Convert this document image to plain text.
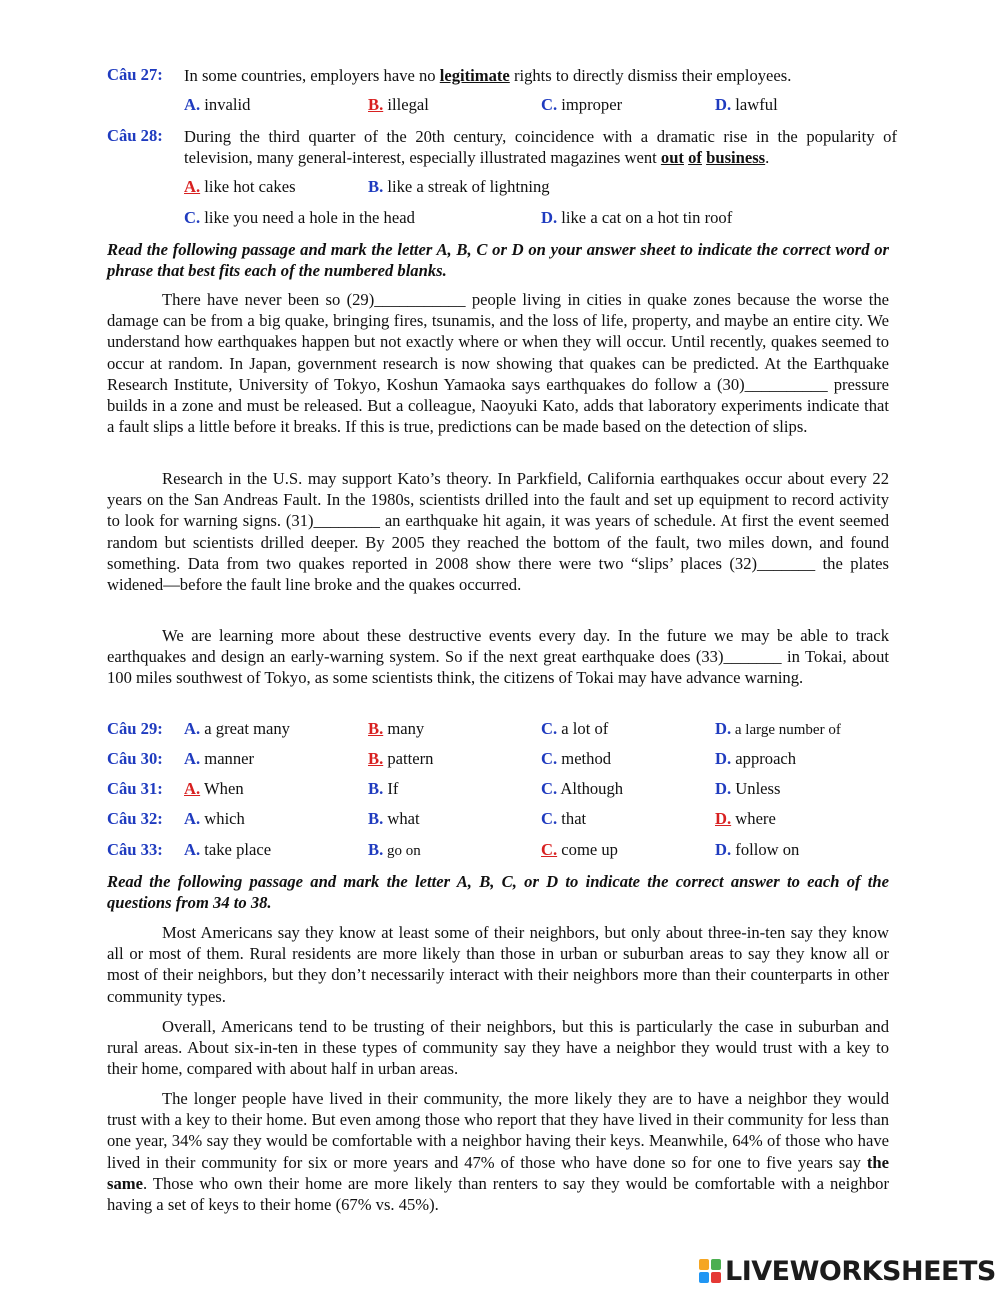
Câu 27: In some countries, employers have no legitimate rights to directly dismiss their employees.
A. invalid	B. illegal	C. improper	D. lawful
Câu 28: During the third quarter of the 20th century, coincidence with a dramatic rise in the popularity of television, many general-interest, especially illustrated magazines went out of business.
A. like hot cakes	B. like a streak of lightning
C. like you need a hole in the head	D. like a cat on a hot tin roof
Read the following passage and mark the letter A, B, C or D on your answer sheet to indicate the correct word or phrase that best fits each of the numbered blanks.

There have never been so (29)___________ people living in cities in quake zones because the worse the damage can be from a big quake, bringing fires, tsunamis, and the loss of life, property, and maybe an entire city. We understand how earthquakes happen but not exactly where or when they will occur. Until recently, quakes seemed to occur at random. In Japan, government research is now showing that quakes can be predicted. At the Earthquake Research Institute, University of Tokyo, Koshun Yamaoka says earthquakes do follow a (30)__________ pressure builds in a zone and must be released. But a colleague, Naoyuki Kato, adds that laboratory experiments indicate that a fault slips a little before it breaks. If this is true, predictions can be made based on the detection of slips.

Research in the U.S. may support Kato’s theory. In Parkfield, California earthquakes occur about every 22 years on the San Andreas Fault. In the 1980s, scientists drilled into the fault and set up equipment to record activity to look for warning signs. (31)________ an earthquake hit again, it was years of schedule. At first the event seemed random but scientists drilled deeper. By 2005 they reached the bottom of the fault, two miles down, and found something. Data from two quakes reported in 2008 show there were two “slips’ places (32)_______ the plates widened—before the fault line broke and the quakes occurred.

We are learning more about these destructive events every day. In the future we may be able to track earthquakes and design an early-warning system. So if the next great earthquake does (33)_______ in Tokai, about 100 miles southwest of Tokyo, as some scientists think, the citizens of Tokai may have advance warning.

Câu 29: A. a great many	B. many	C. a lot of	D. a large number of
Câu 30: A. manner	B. pattern	C. method	D. approach
Câu 31: A. When	B. If	C. Although	D. Unless
Câu 32: A. which	B. what	C. that	D. where
Câu 33: A. take place	B. go on	C. come up	D. follow on
Read the following passage and mark the letter A, B, C, or D to indicate the correct answer to each of the questions from 34 to 38.

Most Americans say they know at least some of their neighbors, but only about three-in-ten say they know all or most of them. Rural residents are more likely than those in urban or suburban areas to say they know all or most of their neighbors, but they don’t necessarily interact with their neighbors more than their counterparts in other community types.

Overall, Americans tend to be trusting of their neighbors, but this is particularly the case in suburban and rural areas. About six-in-ten in these types of community say they have a neighbor they would trust with a key to their home, compared with about half in urban areas.

The longer people have lived in their community, the more likely they are to have a neighbor they would trust with a key to their home. But even among those who report that they have lived in their community for less than one year, 34% say they would be comfortable with a neighbor having their keys. Meanwhile, 64% of those who have lived in their community for six or more years and 47% of those who have done so for one to five years say the same. Those who own their home are more likely than renters to say they would be comfortable with a neighbor having a set of keys to their home (67% vs. 45%).

LIVEWORKSHEETS
